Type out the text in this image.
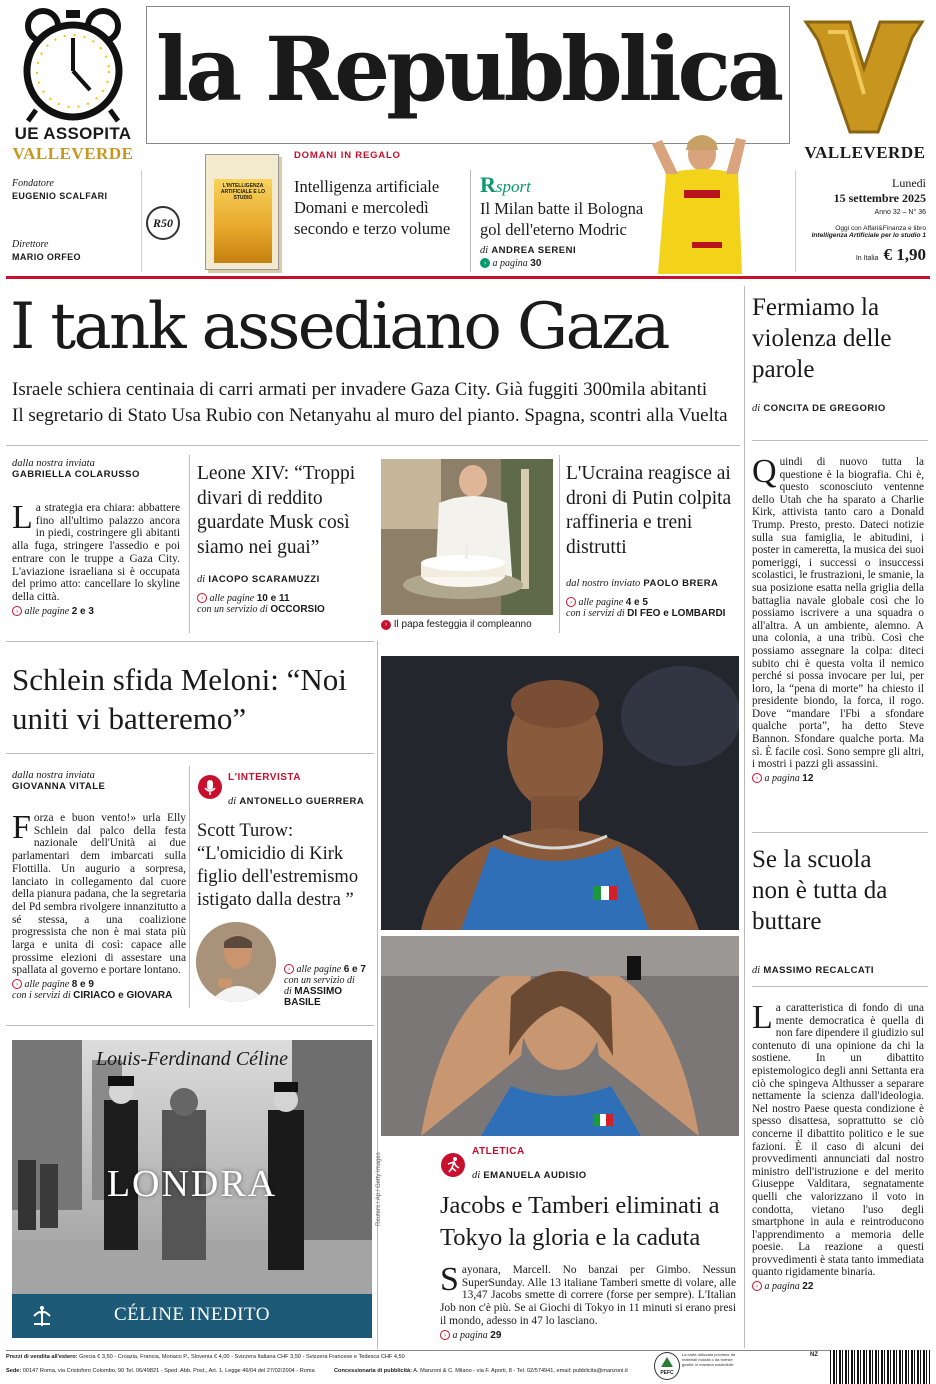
UE ASSOPITA
VALLEVERDE
la Repubblica
VALLEVERDE
Fondatore
EUGENIO SCALFARI
Direttore
MARIO ORFEO
R50
L'INTELLIGENZA ARTIFICIALE E LO STUDIO
DOMANI IN REGALO
Intelligenza artificiale Domani e mercoledì secondo e terzo volume
Rsport
Il Milan batte il Bologna gol dell'eterno Modric
di ANDREA SERENI
› a pagina 30
Lunedì
15 settembre 2025
Anno 32 – N° 36
Oggi con Affari&Finanza e libro
Intelligenza Artificiale per lo studio 1
In Italia € 1,90
I tank assediano Gaza
Israele schiera centinaia di carri armati per invadere Gaza City. Già fuggiti 300mila abitanti
Il segretario di Stato Usa Rubio con Netanyahu al muro del pianto. Spagna, scontri alla Vuelta
dalla nostra inviata
GABRIELLA COLARUSSO
La strategia era chiara: abbattere fino all'ultimo palazzo ancora in piedi, costringere gli abitanti alla fuga, stringere l'assedio e poi entrare con le truppe a Gaza City. L'aviazione israeliana si è occupata del primo atto: cancellare lo skyline della città.
› alle pagine 2 e 3
Leone XIV: “Troppi divari di reddito guardate Musk così siamo nei guai”
di IACOPO SCARAMUZZI
› alle pagine 10 e 11
con un servizio di OCCORSIO
› Il papa festeggia il compleanno
L'Ucraina reagisce ai droni di Putin colpita raffineria e treni distrutti
dal nostro inviato PAOLO BRERA
› alle pagine 4 e 5
con i servizi di DI FEO e LOMBARDI
Fermiamo la violenza delle parole
di CONCITA DE GREGORIO
Quindi di nuovo tutta la questione è la biografia. Chi è, questo sconosciuto ventenne dello Utah che ha sparato a Charlie Kirk, attivista tanto caro a Donald Trump. Presto, presto. Dateci notizie sulla sua famiglia, le abitudini, i poster in cameretta, la musica dei suoi pomeriggi, i successi o insuccessi scolastici, le frustrazioni, le smanie, la sua posizione esatta nella griglia della battaglia navale globale così che lo possiamo iscrivere a una squadra o all'altra. A un ambiente, alemno. A una colonia, a una tribù. Così che possiamo assegnare la colpa: diteci subito chi è questa volta il nemico perché si possa invocare per lui, per loro, la “pena di morte” ha chiesto il presidente biondo, la forca, il rogo. Dove “mandare l'Fbi a sfondare qualche porta”, ha detto Steve Bannon. Sfondare qualche porta. Ma sì. È facile così. Sono sempre gli altri, i mostri i pazzi gli assassini.
› a pagina 12
Se la scuola non è tutta da buttare
di MASSIMO RECALCATI
La caratteristica di fondo di una mente democratica è quella di non fare dipendere il giudizio sul contenuto di una opinione da chi la sostiene. In un dibattito epistemologico degli anni Settanta era ciò che spingeva Althusser a separare nettamente la scienza dall'ideologia. Nel nostro Paese questa condizione è spesso disattesa, soprattutto se ciò concerne il dibattito politico e le sue fazioni. È il caso di alcuni dei provvedimenti annunciati dal nostro ministro dell'istruzione e del merito Giuseppe Valditara, segnatamente quelli che valorizzano il voto in condotta, vietano l'uso degli smartphone in aula e reintroducono l'apprendimento a memoria delle poesie. La reazione a questi provvedimenti è stata tanto immediata quanto rigidamente binaria.
› a pagina 22
Schlein sfida Meloni: “Noi uniti vi batteremo”
dalla nostra inviata
GIOVANNA VITALE
Forza e buon vento!» urla Elly Schlein dal palco della festa nazionale dell'Unità ai due parlamentari dem imbarcati sulla Flottilla. Un augurio a sorpresa, lanciato in collegamento dal cuore della pianura padana, che la segretaria del Pd sembra rivolgere innanzitutto a sé stessa, a una coalizione progressista che non è mai stata più larga e unita di così: capace alle prossime elezioni di assestare una spallata al governo e portare lontano.
› alle pagine 8 e 9
con i servizi di CIRIACO e GIOVARA
L'INTERVISTA
di ANTONELLO GUERRERA
Scott Turow: “L'omicidio di Kirk figlio dell'estremismo istigato dalla destra ”
› alle pagine 6 e 7
con un servizio di
di MASSIMO BASILE
Louis-Ferdinand Céline
LONDRA
CÉLINE INEDITO
Reuters / Ap / Getty Images
ATLETICA
di EMANUELA AUDISIO
Jacobs e Tamberi eliminati a Tokyo la gloria e la caduta
Sayonara, Marcell. No banzai per Gimbo. Nessun SuperSunday. Alle 13 italiane Tamberi smette di volare, alle 13,47 Jacobs smette di correre (forse per sempre). L'Italian Job non c'è più. Se ai Giochi di Tokyo in 11 minuti si erano presi il mondo, adesso in 47 lo lasciano.
› a pagina 29
Prezzi di vendita all'estero: Grecia € 3,50 - Croazia, Francia, Monaco P., Slovenia € 4,00 - Svizzera Italiana CHF 3,50 - Svizzera Francese e Tedesca CHF 4,50
Sede: 00147 Roma, via Cristoforo Colombo, 90 Tel. 06/49821 - Sped. Abb. Post., Art. 1, Legge 46/04 del 27/02/2004 - Roma	Concessionaria di pubblicità: A. Manzoni & C. Milano - via F. Aporti, 8 - Tel. 02/574941, email: pubblicita@manzoni.it	PEFC
La carta utilizzata proviene da materiali riciclati o da foreste gestite in maniera sostenibile
NZ
